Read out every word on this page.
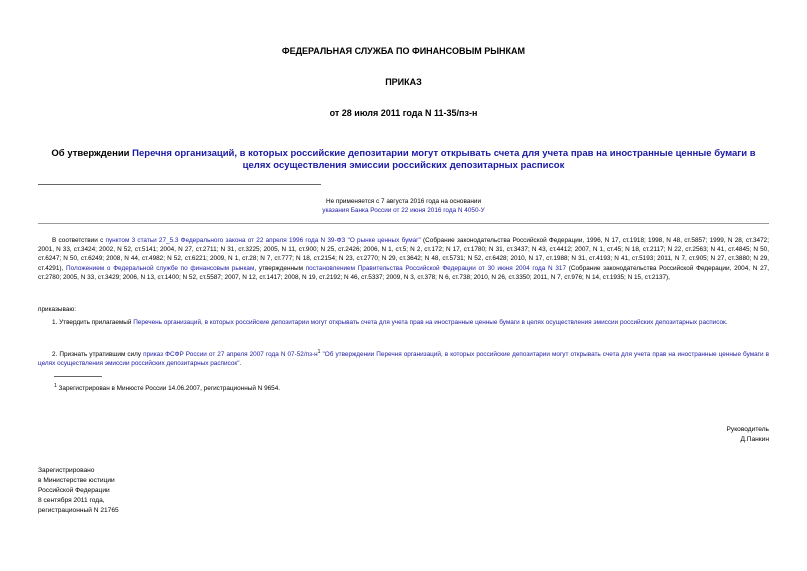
ФЕДЕРАЛЬНАЯ СЛУЖБА ПО ФИНАНСОВЫМ РЫНКАМ
ПРИКАЗ
от 28 июля 2011 года N 11-35/пз-н
Об утверждении Перечня организаций, в которых российские депозитарии могут открывать счета для учета прав на иностранные ценные бумаги в целях осуществления эмиссии российских депозитарных расписок
Не применяется с 7 августа 2016 года на основании
указания Банка России от 22 июня 2016 года N 4050-У
В соответствии с пунктом 3 статьи 27_5.3 Федерального закона от 22 апреля 1996 года N 39-ФЗ "О рынке ценных бумаг" (Собрание законодательства Российской Федерации, 1996, N 17, ст.1918; 1998, N 48, ст.5857; 1999, N 28, ст.3472; 2001, N 33, ст.3424; 2002, N 52, ст.5141; 2004, N 27, ст.2711; N 31, ст.3225; 2005, N 11, ст.900; N 25, ст.2426; 2006, N 1, ст.5; N 2, ст.172; N 17, ст.1780; N 31, ст.3437; N 43, ст.4412; 2007, N 1, ст.45; N 18, ст.2117; N 22, ст.2563; N 41, ст.4845; N 50, ст.6247; N 50, ст.6249; 2008, N 44, ст.4982; N 52, ст.6221; 2009, N 1, ст.28; N 7, ст.777; N 18, ст.2154; N 23, ст.2770; N 29, ст.3642; N 48, ст.5731; N 52, ст.6428; 2010, N 17, ст.1988; N 31, ст.4193; N 41, ст.5193; 2011, N 7, ст.905; N 27, ст.3880; N 29, ст.4291), Положением о Федеральной службе по финансовым рынкам, утвержденным постановлением Правительства Российской Федерации от 30 июня 2004 года N 317 (Собрание законодательства Российской Федерации, 2004, N 27, ст.2780; 2005, N 33, ст.3429; 2006, N 13, ст.1400; N 52, ст.5587; 2007, N 12, ст.1417; 2008, N 19, ст.2192; N 46, ст.5337; 2009, N 3, ст.378; N 6, ст.738; 2010, N 26, ст.3350; 2011, N 7, ст.976; N 14, ст.1935; N 15, ст.2137),
приказываю:
1. Утвердить прилагаемый Перечень организаций, в которых российские депозитарии могут открывать счета для учета прав на иностранные ценные бумаги в целях осуществления эмиссии российских депозитарных расписок.
2. Признать утратившим силу приказ ФСФР России от 27 апреля 2007 года N $07-52/пз-н^1$ "Об утверждении Перечня организаций, в которых российские депозитарии могут открывать счета для учета прав на иностранные ценные бумаги в целях осуществления эмиссии российских депозитарных расписок".
$^1$ Зарегистрирован в Минюсте России 14.06.2007, регистрационный N 9654.
Руководитель
Д.Панкин
Зарегистрировано
в Министерстве юстиции
Российской Федерации
8 сентября 2011 года,
регистрационный N 21765
